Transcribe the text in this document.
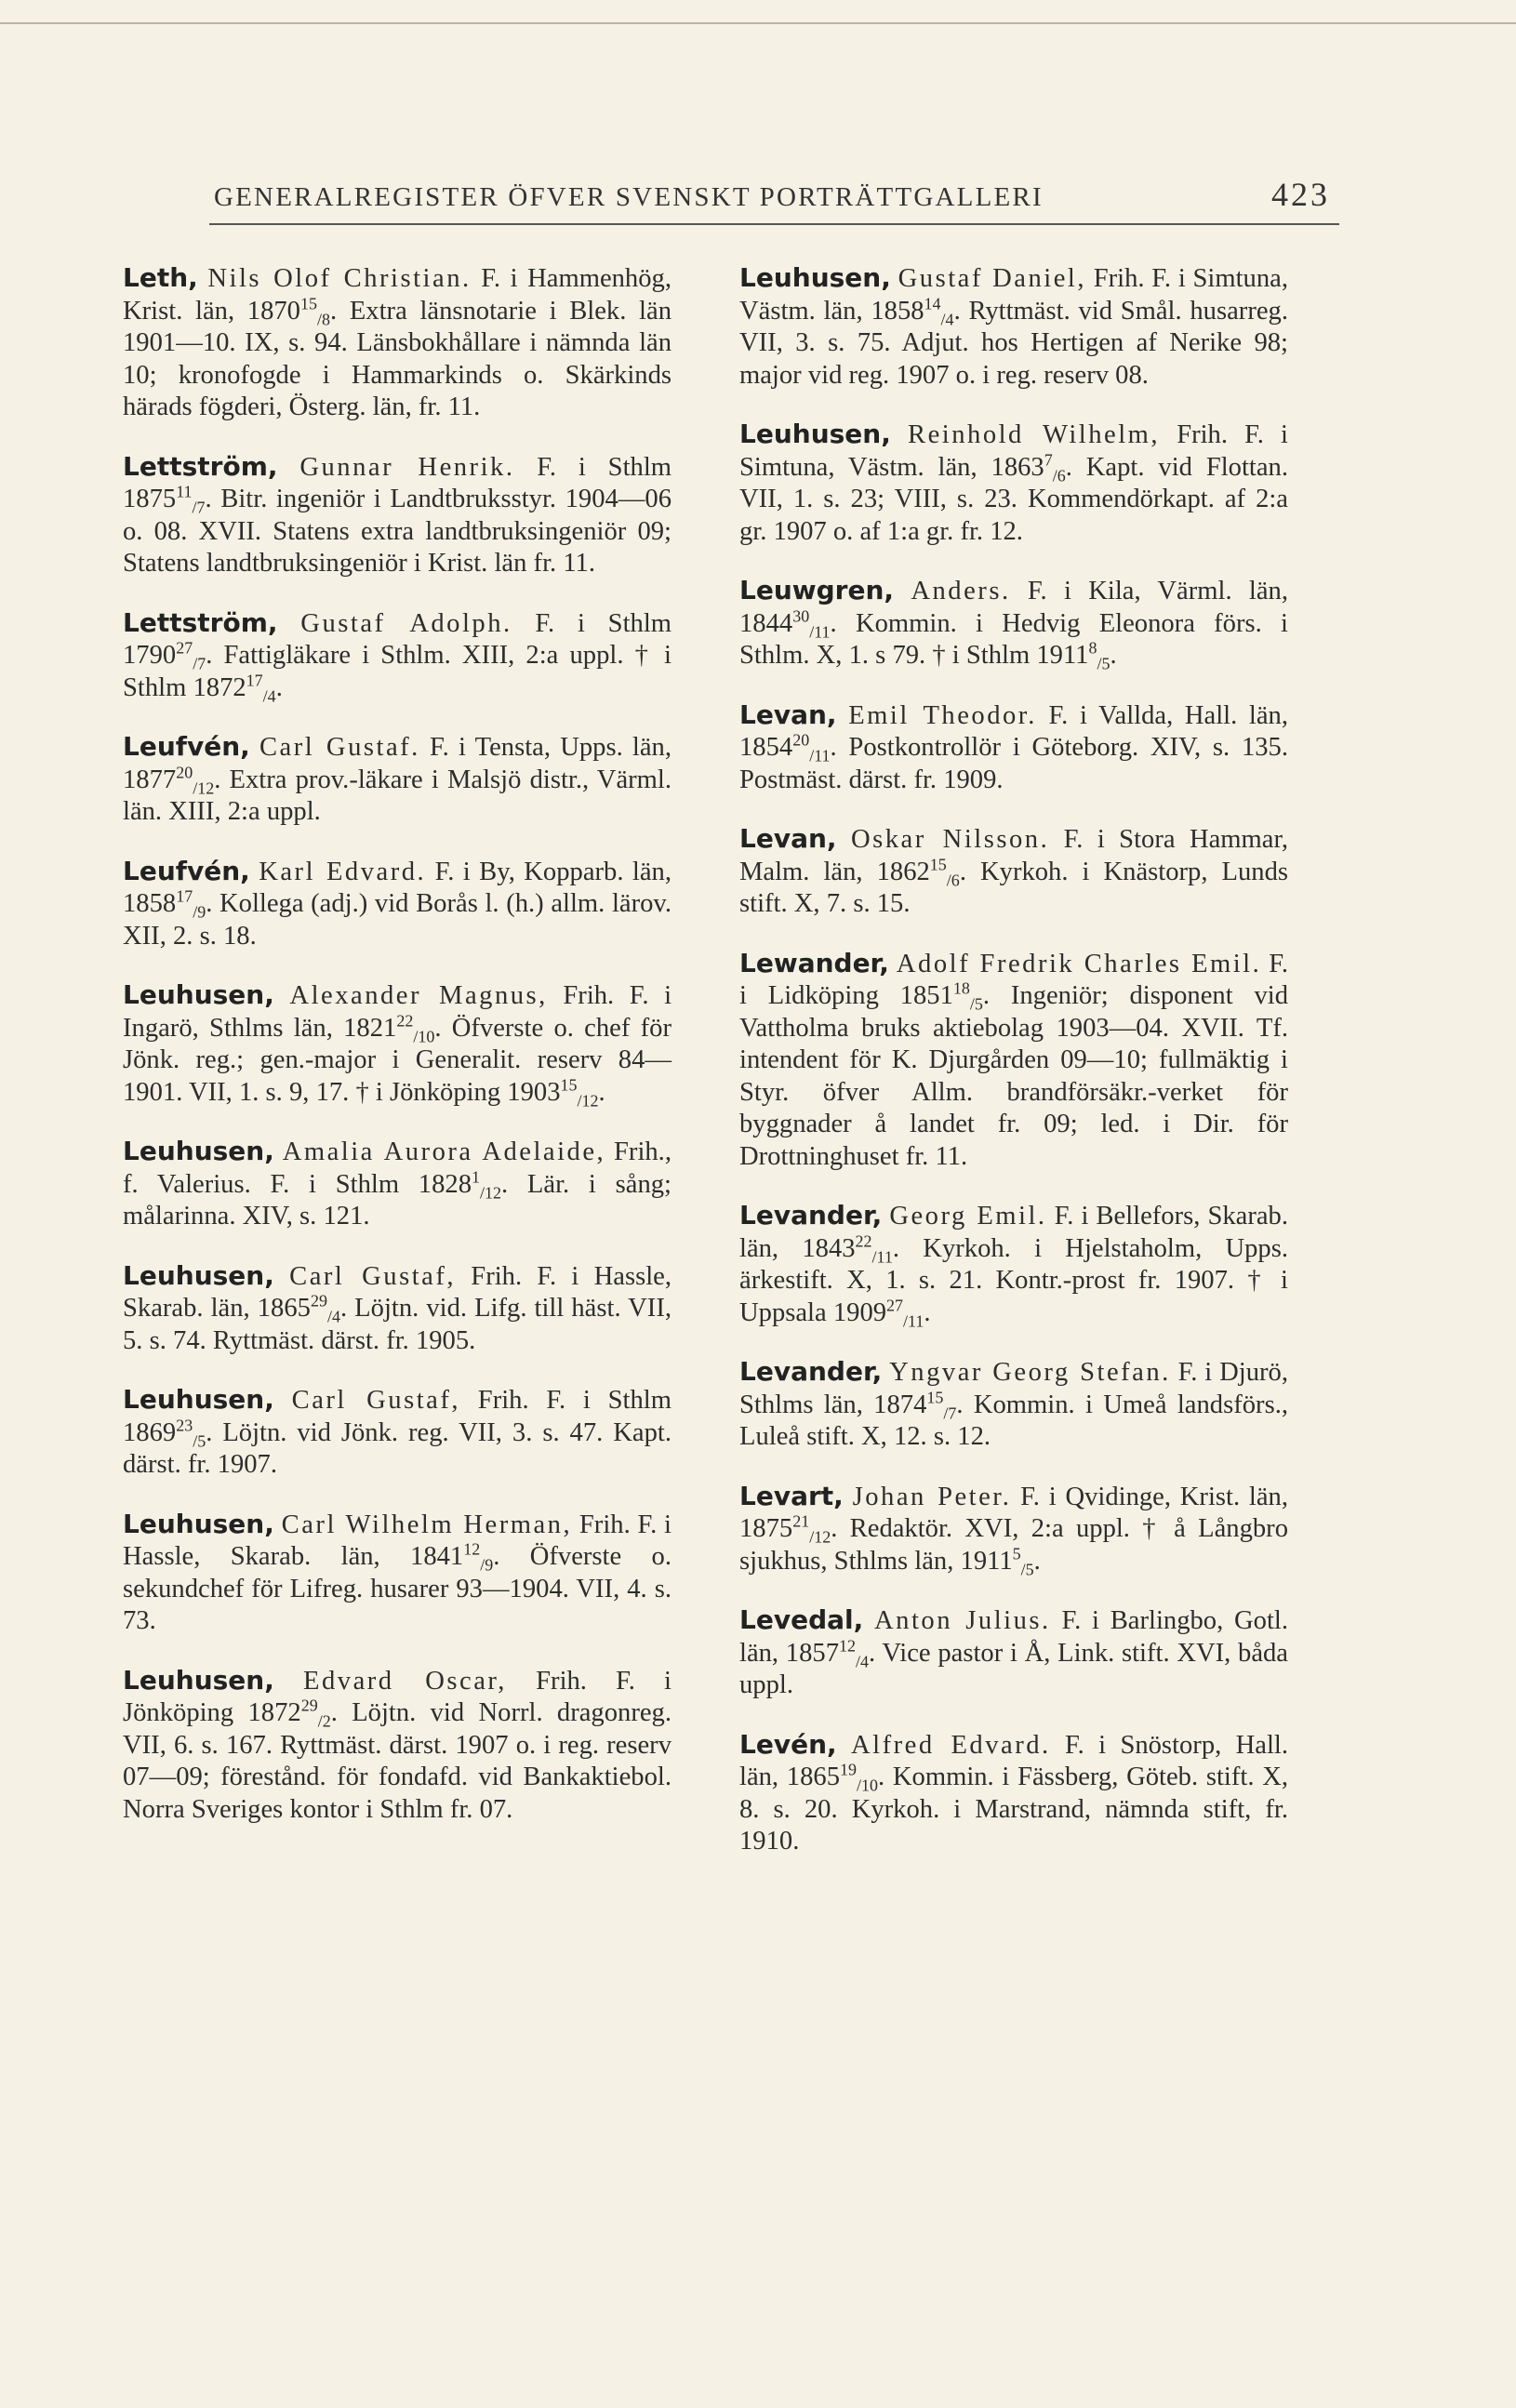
GENERALREGISTER ÖFVER SVENSKT PORTRÄTTGALLERI	423

Leth, Nils Olof Christian. F. i Hammenhög, Krist. län, $1870^{15}_{/8}$. Extra länsnotarie i Blek. län 1901—10. IX, s. 94. Länsbokhållare i nämnda län 10; kronofogde i Hammarkinds o. Skärkinds härads fögderi, Österg. län, fr. 11.

Lettström, Gunnar Henrik. F. i Sthlm $1875^{11}_{/7}$. Bitr. ingeniör i Landtbruksstyr. 1904—06 o. 08. XVII. Statens extra landtbruksingeniör 09; Statens landtbruksingeniör i Krist. län fr. 11.

Lettström, Gustaf Adolph. F. i Sthlm $1790^{27}_{/7}$. Fattigläkare i Sthlm. XIII, 2:a uppl. † i Sthlm $1872^{17}_{/4}$.

Leufvén, Carl Gustaf. F. i Tensta, Upps. län, $1877^{20}_{/12}$. Extra prov.-läkare i Malsjö distr., Värml. län. XIII, 2:a uppl.

Leufvén, Karl Edvard. F. i By, Kopparb. län, $1858^{17}_{/9}$. Kollega (adj.) vid Borås l. (h.) allm. lärov. XII, 2. s. 18.

Leuhusen, Alexander Magnus, Frih. F. i Ingarö, Sthlms län, $1821^{22}_{/10}$. Öfverste o. chef för Jönk. reg.; gen.-major i Generalit. reserv 84—1901. VII, 1. s. 9, 17. † i Jönköping $1903^{15}_{/12}$.

Leuhusen, Amalia Aurora Adelaide, Frih., f. Valerius. F. i Sthlm $1828^1_{/12}$. Lär. i sång; målarinna. XIV, s. 121.

Leuhusen, Carl Gustaf, Frih. F. i Hassle, Skarab. län, $1865^{29}_{/4}$. Löjtn. vid. Lifg. till häst. VII, 5. s. 74. Ryttmäst. därst. fr. 1905.

Leuhusen, Carl Gustaf, Frih. F. i Sthlm $1869^{23}_{/5}$. Löjtn. vid Jönk. reg. VII, 3. s. 47. Kapt. därst. fr. 1907.

Leuhusen, Carl Wilhelm Herman, Frih. F. i Hassle, Skarab. län, $1841^{12}_{/9}$. Öfverste o. sekundchef för Lifreg. husarer 93—1904. VII, 4. s. 73.

Leuhusen, Edvard Oscar, Frih. F. i Jönköping $1872^{29}_{/2}$. Löjtn. vid Norrl. dragonreg. VII, 6. s. 167. Ryttmäst. därst. 1907 o. i reg. reserv 07—09; förestånd. för fondafd. vid Bankaktiebol. Norra Sveriges kontor i Sthlm fr. 07.

Leuhusen, Gustaf Daniel, Frih. F. i Simtuna, Västm. län, $1858^{14}_{/4}$. Ryttmäst. vid Smål. husarreg. VII, 3. s. 75. Adjut. hos Hertigen af Nerike 98; major vid reg. 1907 o. i reg. reserv 08.

Leuhusen, Reinhold Wilhelm, Frih. F. i Simtuna, Västm. län, $1863^7_{/6}$. Kapt. vid Flottan. VII, 1. s. 23; VIII, s. 23. Kommendörkapt. af 2:a gr. 1907 o. af 1:a gr. fr. 12.

Leuwgren, Anders. F. i Kila, Värml. län, $1844^{30}_{/11}$. Kommin. i Hedvig Eleonora förs. i Sthlm. X, 1. s 79. † i Sthlm $1911^8_{/5}$.

Levan, Emil Theodor. F. i Vallda, Hall. län, $1854^{20}_{/11}$. Postkontrollör i Göteborg. XIV, s. 135. Postmäst. därst. fr. 1909.

Levan, Oskar Nilsson. F. i Stora Hammar, Malm. län, $1862^{15}_{/6}$. Kyrkoh. i Knästorp, Lunds stift. X, 7. s. 15.

Lewander, Adolf Fredrik Charles Emil. F. i Lidköping $1851^{18}_{/5}$. Ingeniör; disponent vid Vattholma bruks aktiebolag 1903—04. XVII. Tf. intendent för K. Djurgården 09—10; fullmäktig i Styr. öfver Allm. brandförsäkr.-verket för byggnader å landet fr. 09; led. i Dir. för Drottninghuset fr. 11.

Levander, Georg Emil. F. i Bellefors, Skarab. län, $1843^{22}_{/11}$. Kyrkoh. i Hjelstaholm, Upps. ärkestift. X, 1. s. 21. Kontr.-prost fr. 1907. † i Uppsala $1909^{27}_{/11}$.

Levander, Yngvar Georg Stefan. F. i Djurö, Sthlms län, $1874^{15}_{/7}$. Kommin. i Umeå landsförs., Luleå stift. X, 12. s. 12.

Levart, Johan Peter. F. i Qvidinge, Krist. län, $1875^{21}_{/12}$. Redaktör. XVI, 2:a uppl. † å Långbro sjukhus, Sthlms län, $1911^5_{/5}$.

Levedal, Anton Julius. F. i Barlingbo, Gotl. län, $1857^{12}_{/4}$. Vice pastor i Å, Link. stift. XVI, båda uppl.

Levén, Alfred Edvard. F. i Snöstorp, Hall. län, $1865^{19}_{/10}$. Kommin. i Fässberg, Göteb. stift. X, 8. s. 20. Kyrkoh. i Marstrand, nämnda stift, fr. 1910.
